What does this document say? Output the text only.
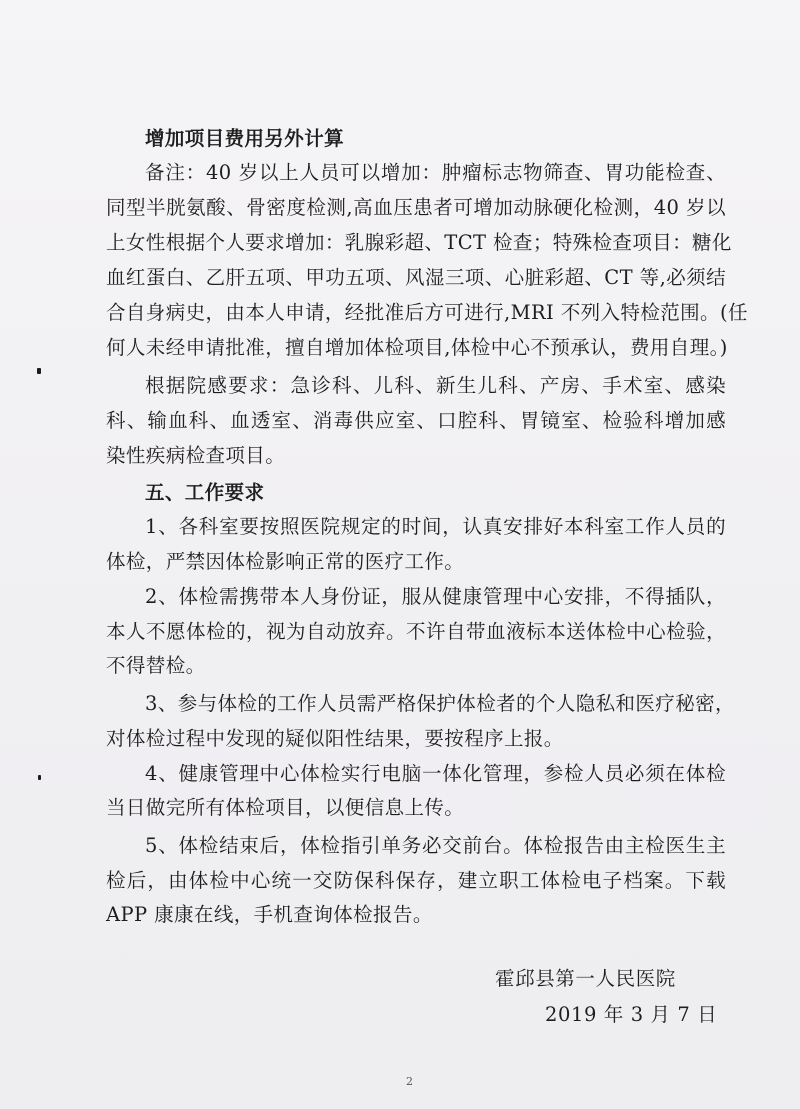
增加项目费用另外计算
备注：40 岁以上人员可以增加：肿瘤标志物筛查、胃功能检查、
同型半胱氨酸、骨密度检测,高血压患者可增加动脉硬化检测，40 岁以
上女性根据个人要求增加：乳腺彩超、TCT 检查；特殊检查项目：糖化
血红蛋白、乙肝五项、甲功五项、风湿三项、心脏彩超、CT 等,必须结
合自身病史，由本人申请，经批准后方可进行,MRI 不列入特检范围。(任
何人未经申请批准，擅自增加体检项目,体检中心不预承认，费用自理。)
根据院感要求：急诊科、儿科、新生儿科、产房、手术室、感染
科、输血科、血透室、消毒供应室、口腔科、胃镜室、检验科增加感
染性疾病检查项目。
五、工作要求
1、各科室要按照医院规定的时间，认真安排好本科室工作人员的
体检，严禁因体检影响正常的医疗工作。
2、体检需携带本人身份证，服从健康管理中心安排，不得插队，
本人不愿体检的，视为自动放弃。不许自带血液标本送体检中心检验，
不得替检。
3、参与体检的工作人员需严格保护体检者的个人隐私和医疗秘密，
对体检过程中发现的疑似阳性结果，要按程序上报。
4、健康管理中心体检实行电脑一体化管理，参检人员必须在体检
当日做完所有体检项目，以便信息上传。
5、体检结束后，体检指引单务必交前台。体检报告由主检医生主
检后，由体检中心统一交防保科保存，建立职工体检电子档案。下载
APP 康康在线，手机查询体检报告。
霍邱县第一人民医院
2019 年 3 月 7 日
2
